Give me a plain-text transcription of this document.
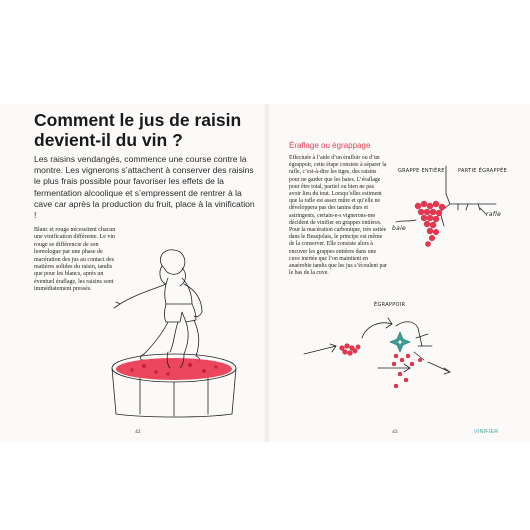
Comment le jus de raisin devient-il du vin ?

Les raisins vendangés, commence une course contre la montre. Les vignerons s’attachent à conserver des raisins le plus frais possible pour favoriser les effets de la fermentation alcoolique et s’empressent de rentrer à la cave car après la production du fruit, place à la vinification !

Blanc et rouge nécessitent chacun une vinification différente. Le vin rouge se différencie de son homologue par une phase de macération des jus au contact des matières solides du raisin, tandis que pour les blancs, après un éventuel éraflage, les raisins sont immédiatement pressés.

42

Éraflage ou égrappage

Effectuée à l’aide d’un érafloir ou d’un égrappoir, cette étape consiste à séparer la rafle, c’est-à-dire les tiges, des raisins pour ne garder que les baies. L’éraflage pour être total, partiel ou bien ne pas avoir lieu du tout. Lorsqu’elles estiment que la rafle est assez mûre et qu’elle ne développera pas des tanins durs et astringents, certain-e-s vignerons-nes décident de vinifier en grappes entières. Pour la macération carbonique, très usitée dans le Beaujolais, le principe est même de la conserver. Elle consiste alors à encuver les grappes entières dans une cuve inertée que l’on maintient en anaérobie tandis que les jus s’écoulent par le bas de la cuve.

GRAPPE ENTIÈRE	PARTIE ÉGRAPPÉE
rafle
baie
ÉGRAPPOIR
43	VINIFIER
